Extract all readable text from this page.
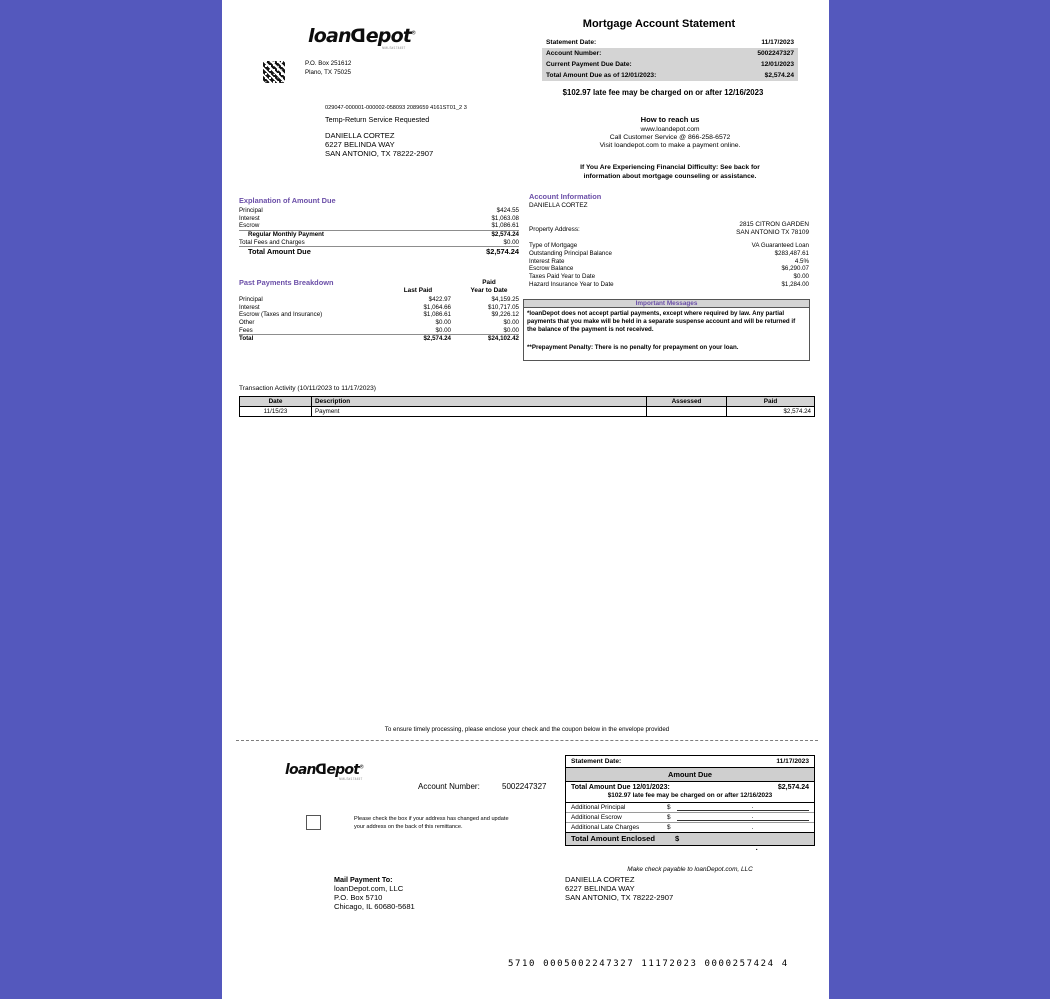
loanDepot®
NMLS#174457
P.O. Box 251612
Plano, TX 75025
029047-000001-000002-058093 2089659 4161ST01_2 3
Temp-Return Service Requested
DANIELLA CORTEZ
6227 BELINDA WAY
SAN ANTONIO, TX 78222-2907
Mortgage Account Statement
Statement Date:	11/17/2023
Account Number:	5002247327
Current Payment Due Date:	12/01/2023
Total Amount Due as of 12/01/2023:	$2,574.24
$102.97 late fee may be charged on or after 12/16/2023
How to reach us
www.loandepot.com
Call Customer Service @ 866-258-6572
Visit loandepot.com to make a payment online.
If You Are Experiencing Financial Difficulty: See back for
information about mortgage counseling or assistance.
Explanation of Amount Due
Principal	$424.55
Interest	$1,063.08
Escrow	$1,086.61
Regular Monthly Payment	$2,574.24
Total Fees and Charges	$0.00
Total Amount Due	$2,574.24
Past Payments Breakdown
Last Paid
Paid
Year to Date
Principal	$422.97	$4,159.25
Interest	$1,064.66	$10,717.05
Escrow (Taxes and Insurance)	$1,086.61	$9,226.12
Other	$0.00	$0.00
Fees	$0.00	$0.00
Total	$2,574.24	$24,102.42
Account Information
DANIELLA CORTEZ
Property Address:
2815 CITRON GARDEN
SAN ANTONIO TX 78109
Type of Mortgage	VA Guaranteed Loan
Outstanding Principal Balance	$283,487.61
Interest Rate	4.5%
Escrow Balance	$6,290.07
Taxes Paid Year to Date	$0.00
Hazard Insurance Year to Date	$1,284.00
Important Messages
*loanDepot does not accept partial payments, except where required by law. Any partial payments that you make will be held in a separate suspense account and will be returned if the balance of the payment is not received.
**Prepayment Penalty: There is no penalty for prepayment on your loan.
Transaction Activity (10/11/2023 to 11/17/2023)
Date	Description	Assessed	Paid
11/15/23	Payment		$2,574.24
To ensure timely processing, please enclose your check and the coupon below in the envelope provided
loanDepot®
NMLS#174457
Account Number:	5002247327
Please check the box if your address has changed and update
your address on the back of this remittance.
Mail Payment To:
loanDepot.com, LLC
P.O. Box 5710
Chicago, IL 60680-5681
Statement Date:	11/17/2023
Amount Due
Total Amount Due 12/01/2023:	$2,574.24
$102.97 late fee may be charged on or after 12/16/2023
Additional Principal	$	.
Additional Escrow	$	.
Additional Late Charges	$	.
Total Amount Enclosed	$
.
Make check payable to loanDepot.com, LLC
DANIELLA CORTEZ
6227 BELINDA WAY
SAN ANTONIO, TX 78222-2907
5710 0005002247327 11172023 0000257424 4
